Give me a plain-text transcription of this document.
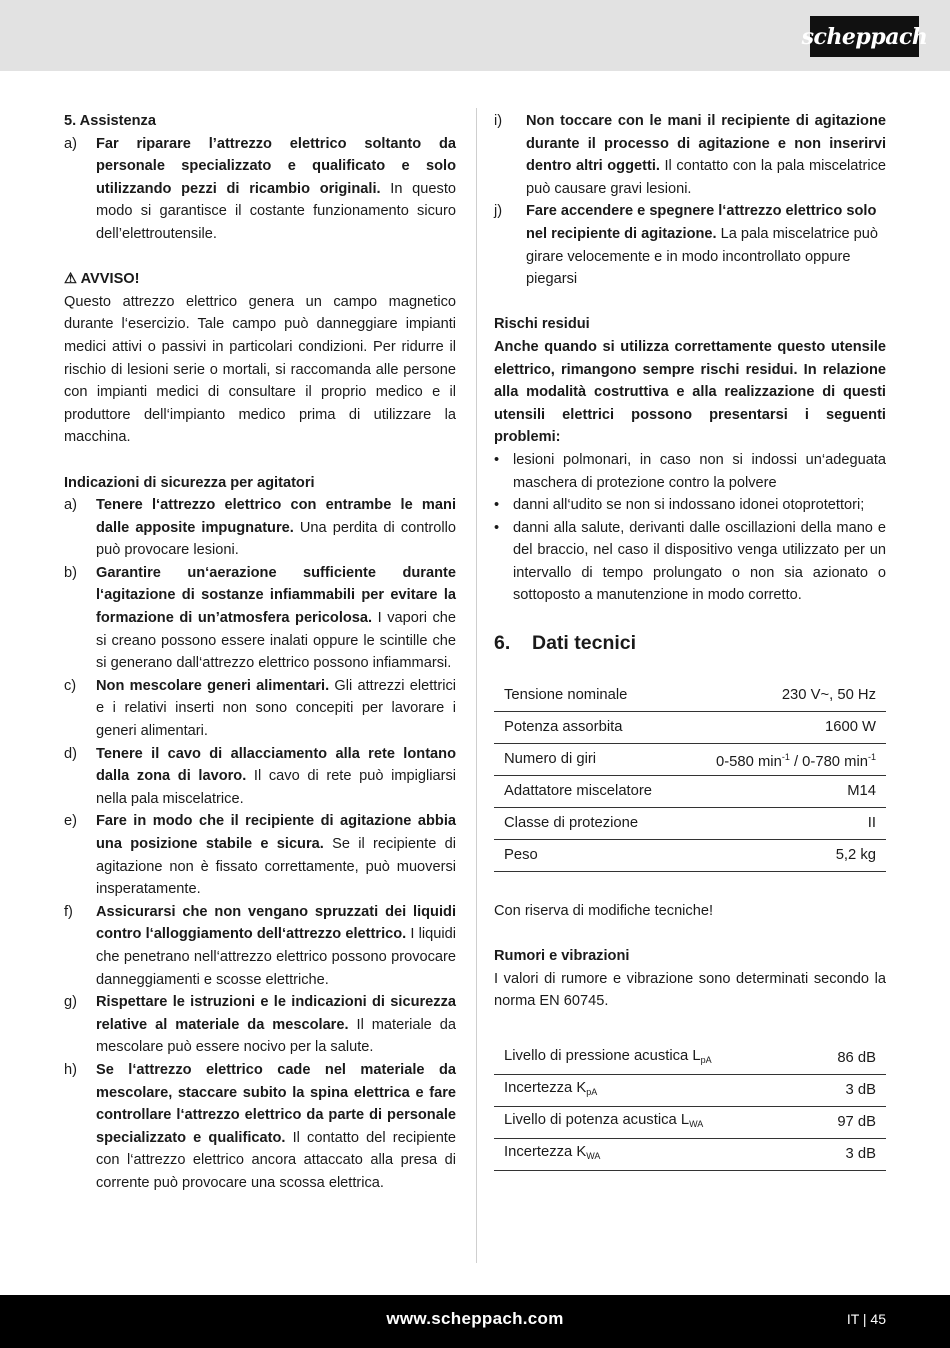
scheppach
5. Assistenza
a)	Far riparare l’attrezzo elettrico soltanto da personale specializzato e qualificato e solo utilizzando pezzi di ricambio originali. In questo modo si garantisce il costante funzionamento sicuro dell’elettroutensile.
⚠ AVVISO!

Questo attrezzo elettrico genera un campo magnetico durante l‘esercizio. Tale campo può danneggiare impianti medici attivi o passivi in particolari condizioni. Per ridurre il rischio di lesioni serie o mortali, si raccomanda alle persone con impianti medici di consultare il proprio medico e il produttore dell‘impianto medico prima di utilizzare la macchina.

Indicazioni di sicurezza per agitatori
a)	Tenere l‘attrezzo elettrico con entrambe le mani dalle apposite impugnature. Una perdita di controllo può provocare lesioni.
b)	Garantire un‘aerazione sufficiente durante l‘agitazione di sostanze infiammabili per evitare la formazione di un’atmosfera pericolosa. I vapori che si creano possono essere inalati oppure le scintille che si generano dall‘attrezzo elettrico possono infiammarsi.
c)	Non mescolare generi alimentari. Gli attrezzi elettrici e i relativi inserti non sono concepiti per lavorare i generi alimentari.
d)	Tenere il cavo di allacciamento alla rete lontano dalla zona di lavoro. Il cavo di rete può impigliarsi nella pala miscelatrice.
e)	Fare in modo che il recipiente di agitazione abbia una posizione stabile e sicura. Se il recipiente di agitazione non è fissato correttamente, può muoversi insperatamente.
f)	Assicurarsi che non vengano spruzzati dei liquidi contro l‘alloggiamento dell‘attrezzo elettrico. I liquidi che penetrano nell‘attrezzo elettrico possono provocare danneggiamenti e scosse elettriche.
g)	Rispettare le istruzioni e le indicazioni di sicurezza relative al materiale da mescolare. Il materiale da mescolare può essere nocivo per la salute.
h)	Se l‘attrezzo elettrico cade nel materiale da mescolare, staccare subito la spina elettrica e fare controllare l‘attrezzo elettrico da parte di personale specializzato e qualificato. Il contatto del recipiente con l‘attrezzo elettrico ancora attaccato alla presa di corrente può provocare una scossa elettrica.
i)	Non toccare con le mani il recipiente di agitazione durante il processo di agitazione e non inserirvi dentro altri oggetti. Il contatto con la pala miscelatrice può causare gravi lesioni.
j)	Fare accendere e spegnere l‘attrezzo elettrico solo nel recipiente di agitazione. La pala miscelatrice può girare velocemente e in modo incontrollato oppure piegarsi
Rischi residui

Anche quando si utilizza correttamente questo utensile elettrico, rimangono sempre rischi residui. In relazione alla modalità costruttiva e alla realizzazione di questi utensili elettrici possono presentarsi i seguenti problemi:

• lesioni polmonari, in caso non si indossi un‘adeguata maschera di protezione contro la polvere
• danni all‘udito se non si indossano idonei otoprotettori;
• danni alla salute, derivanti dalle oscillazioni della mano e del braccio, nel caso il dispositivo venga utilizzato per un intervallo di tempo prolungato o non sia azionato o sottoposto a manutenzione in modo corretto.
6. Dati tecnici
Tensione nominale	230 V~, 50 Hz
Potenza assorbita	1600 W
Numero di giri	0-580 $\min^{-1} / 0-780$ $\min^{-1}$
Adattatore miscelatore	M14
Classe di protezione	II
Peso	5,2 kg
Con riserva di modifiche tecniche!
Rumori e vibrazioni

I valori di rumore e vibrazione sono determinati secondo la norma EN 60745.

Livello di pressione acustica $L_{pA}$	86 dB
Incertezza $K_{pA}$	3 dB
Livello di potenza acustica $L_{WA}$	97 dB
Incertezza $K_{WA}$	3 dB
www.scheppach.com	IT | 45
